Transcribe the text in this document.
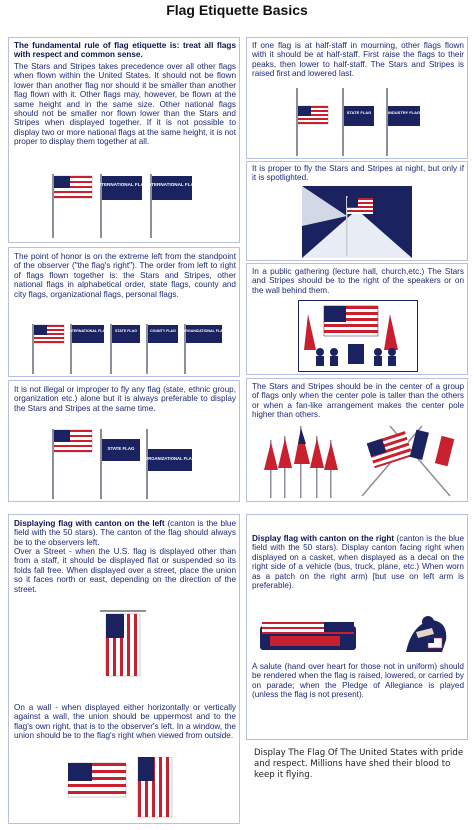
Flag Etiquette Basics
The fundamental rule of flag etiquette is: treat all flags with respect and common sense.
The Stars and Stripes takes precedence over all other flags when flown within the United States. It should not be flown lower than another flag nor should it be smaller than another flag flown with it. Other flags may, however, be flown at the same height and in the same size. Other national flags should not be smaller nor flown lower than the Stars and Stripes when displayed together. If it is not possible to display two or more national flags at the same height, it is not proper to display them together at all.
INTERNATIONAL FLAG INTERNATIONAL FLAG
The point of honor is on the extreme left from the standpoint of the observer ("the flag's right"). The order from left to right of flags flown together is: the Stars and Stripes, other national flags in alphabetical order, state flags, county and city flags, organizational flags, personal flags.
INTERNATIONAL FLAG STATE FLAG	COUNTY FLAG ORGANIZATIONAL FLAG
It is not illegal or improper to fly any flag (state, ethnic group, organization etc.) alone but it is always preferable to display the Stars and Stripes at the same time.
STATE FLAG
ORGANIZATIONAL FLAG
If one flag is at half-staff in mourning, other flags flown with it should be at half-staff. First raise the flags to their peaks, then lower to half-staff. The Stars and Stripes is raised first and lowered last.
STATE FLAG	INDUSTRY FLAG
It is proper to fly the Stars and Stripes at night, but only if it is spotlighted.
In a public gathering (lecture hall, church,etc.) The Stars and Stripes should be to the right of the speakers or on the wall behind them.
The Stars and Stripes should be in the center of a group of flags only when the center pole is taller than the others or when a fan-like arrangement makes the center pole higher than others.
Displaying flag with canton on the left (canton is the blue field with the 50 stars). The canton of the flag should always be to the observers left.
Over a Street - when the U.S. flag is displayed other than from a staff, it should be displayed flat or suspended so its folds fall free. When displayed over a street, place the union so it faces north or east, depending on the direction of the street.
On a wall - when displayed either horizontally or vertically against a wall, the union should be uppermost and to the flag's own right, that is to the observer's left. In a window, the union should be to the flag's right when viewed from outside.
Display flag with canton on the right (canton is the blue field with the 50 stars). Display canton facing right when displayed on a casket, when displayed as a decal on the right side of a vehicle (bus, truck, plane, etc.) When worn as a patch on the right arm) [but use on left arm is preferable).
A salute (hand over heart for those not in uniform) should be rendered when the flag is raised, lowered, or carried by on parade; when the Pledge of Allegiance is played (unless the flag is not present).
Display The Flag Of The United States with pride and respect. Millions have shed their blood to keep it flying.
